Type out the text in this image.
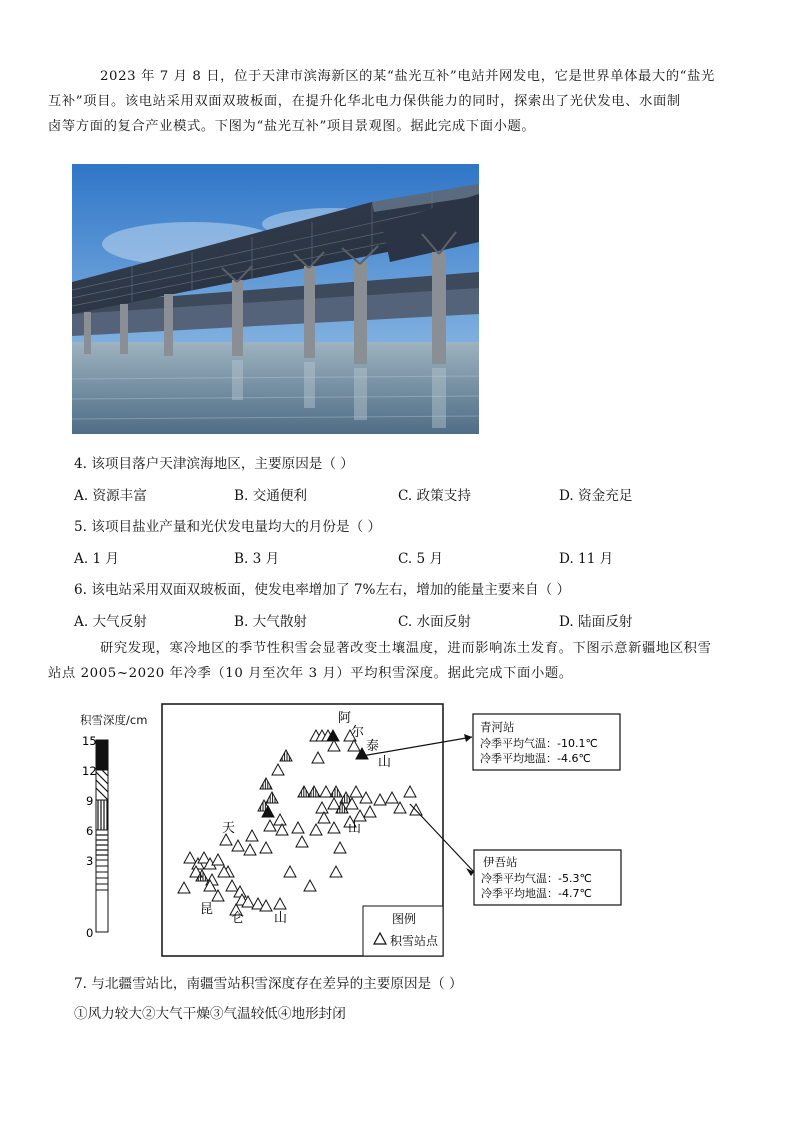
2023 年 7 月 8 日，位于天津市滨海新区的某“盐光互补”电站并网发电，它是世界单体最大的“盐光
互补”项目。该电站采用双面双玻板面，在提升化华北电力保供能力的同时，探索出了光伏发电、水面制
卤等方面的复合产业模式。下图为“盐光互补”项目景观图。据此完成下面小题。

4. 该项目落户天津滨海地区，主要原因是（ ）

A. 资源丰富	B. 交通便利	C. 政策支持	D. 资金充足

5. 该项目盐业产量和光伏发电量均大的月份是（ ）

A. 1 月	B. 3 月	C. 5 月	D. 11 月

6. 该电站采用双面双玻板面，使发电率增加了 7%左右，增加的能量主要来自（ ）

A. 大气反射	B. 大气散射	C. 水面反射	D. 陆面反射

研究发现，寒冷地区的季节性积雪会显著改变土壤温度，进而影响冻土发育。下图示意新疆地区积雪
站点 2005~2020 年冷季（10 月至次年 3 月）平均积雪深度。据此完成下面小题。

积雪深度/cm
15
12
9
6
3
0
阿
尔
泰
山
天	山
昆
仑 山	图例
积雪站点
青河站
冷季平均气温：-10.1℃
冷季平均地温：-4.6℃
伊吾站
冷季平均气温：-5.3℃
冷季平均地温：-4.7℃

7. 与北疆雪站比，南疆雪站积雪深度存在差异的主要原因是（ ）

①风力较大②大气干燥③气温较低④地形封闭
